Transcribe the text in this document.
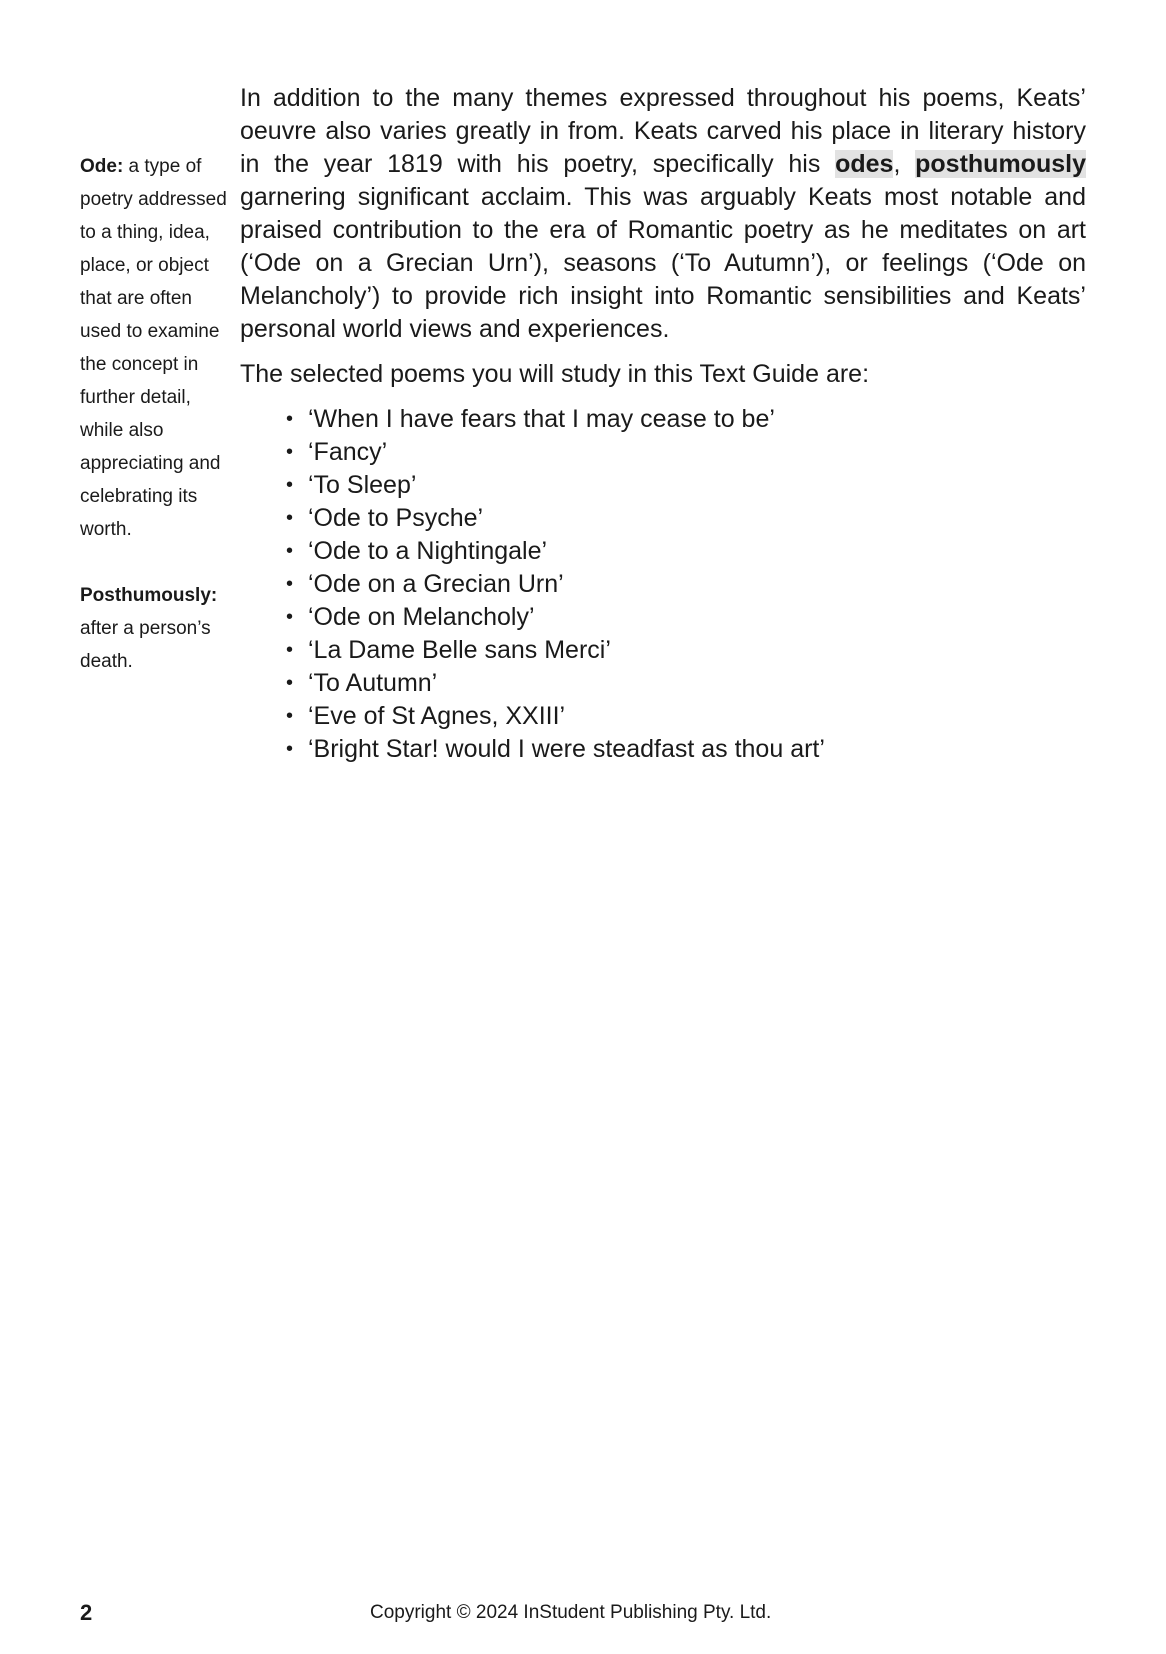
Ode: a type of poetry addressed to a thing, idea, place, or object that are often used to examine the concept in further detail, while also appreciating and celebrating its worth.
Posthumously: after a person’s death.

In addition to the many themes expressed throughout his poems, Keats’ oeuvre also varies greatly in from. Keats carved his place in literary history in the year 1819 with his poetry, specifically his odes, posthumously garnering significant acclaim. This was arguably Keats most notable and praised contribution to the era of Romantic poetry as he meditates on art (‘Ode on a Grecian Urn’), seasons (‘To Autumn’), or feelings (‘Ode on Melancholy’) to provide rich insight into Romantic sensibilities and Keats’ personal world views and experiences.

The selected poems you will study in this Text Guide are:

• ‘When I have fears that I may cease to be’
• ‘Fancy’
• ‘To Sleep’
• ‘Ode to Psyche’
• ‘Ode to a Nightingale’
• ‘Ode on a Grecian Urn’
• ‘Ode on Melancholy’
• ‘La Dame Belle sans Merci’
• ‘To Autumn’
• ‘Eve of St Agnes, XXIII’
• ‘Bright Star! would I were steadfast as thou art’
2	Copyright © 2024 InStudent Publishing Pty. Ltd.
